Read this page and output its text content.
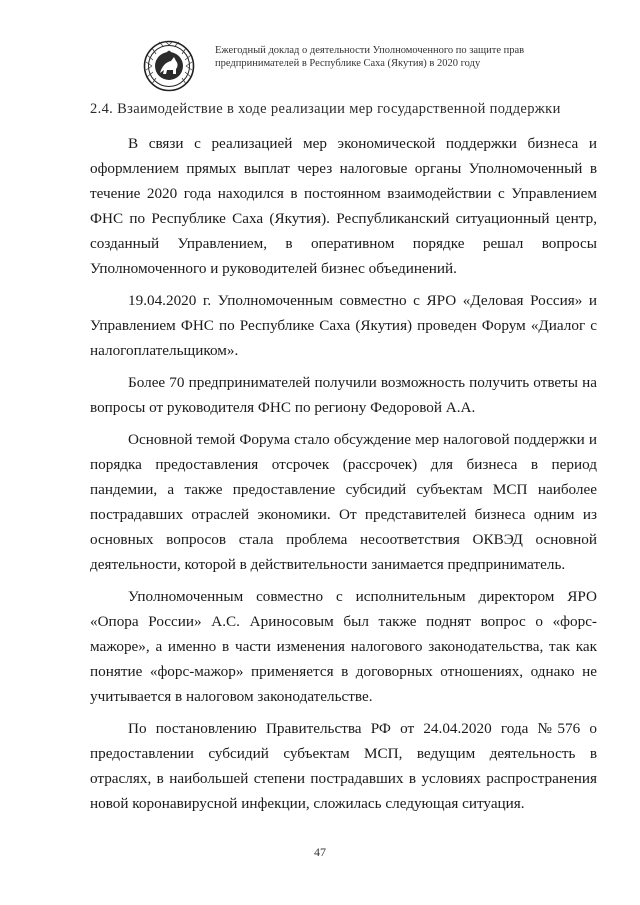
Ежегодный доклад о деятельности Уполномоченного по защите прав
предпринимателей в Республике Саха (Якутия) в 2020 году
2.4. Взаимодействие в ходе реализации мер государственной поддержки

В связи с реализацией мер экономической поддержки бизнеса и оформлением прямых выплат через налоговые органы Уполномоченный в течение 2020 года находился в постоянном взаимодействии с Управлением ФНС по Республике Саха (Якутия). Республиканский ситуационный центр, созданный Управлением, в оперативном порядке решал вопросы Уполномоченного и руководителей бизнес объединений.

19.04.2020 г. Уполномоченным совместно с ЯРО «Деловая Россия» и Управлением ФНС по Республике Саха (Якутия) проведен Форум «Диалог с налогоплательщиком».

Более 70 предпринимателей получили возможность получить ответы на вопросы от руководителя ФНС по региону Федоровой А.А.

Основной темой Форума стало обсуждение мер налоговой поддержки и порядка предоставления отсрочек (рассрочек) для бизнеса в период пандемии, а также предоставление субсидий субъектам МСП наиболее пострадавших отраслей экономики. От представителей бизнеса одним из основных вопросов стала проблема несоответствия ОКВЭД основной деятельности, которой в действительности занимается предприниматель.

Уполномоченным совместно с исполнительным директором ЯРО «Опора России» А.С. Ариносовым был также поднят вопрос о «форс-мажоре», а именно в части изменения налогового законодательства, так как понятие «форс-мажор» применяется в договорных отношениях, однако не учитывается в налоговом законодательстве.

По постановлению Правительства РФ от 24.04.2020 года №576 о предоставлении субсидий субъектам МСП, ведущим деятельность в отраслях, в наибольшей степени пострадавших в условиях распространения новой коронавирусной инфекции, сложилась следующая ситуация.

47
